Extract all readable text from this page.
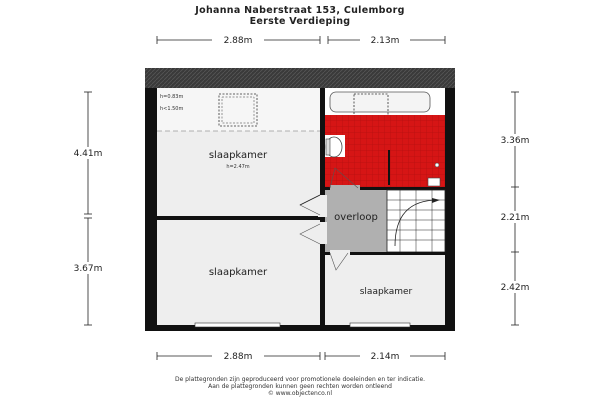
Johanna Naberstraat 153, Culemborg
Eerste Verdieping
2.88m	2.13m
h=0.83m
h<1.50m
slaapkamer
h=2.47m
slaapkamer
overloop
slaapkamer
4.41m
3.67m
3.36m
2.21m
2.42m
2.88m	2.14m
De plattegronden zijn geproduceerd voor promotionele doeleinden en ter indicatie.
Aan de plattegronden kunnen geen rechten worden ontleend
© www.objectenco.nl
